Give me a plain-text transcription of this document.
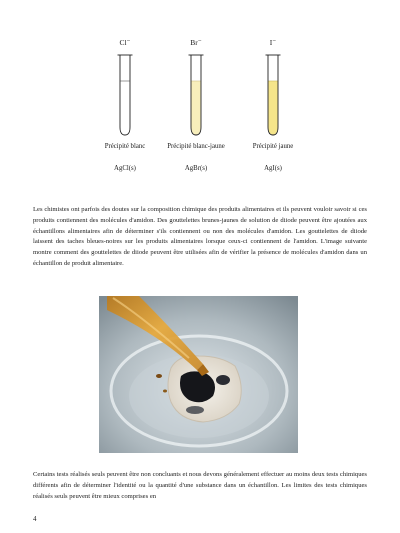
Cl⁻
Précipité blanc
AgCl(s)
Br⁻
Précipité blanc-jaune
AgBr(s)
I⁻
Précipité jaune
AgI(s)

Les chimistes ont parfois des doutes sur la composition chimique des produits alimentaires et ils peuvent vouloir savoir si ces produits contiennent des molécules d'amidon. Des gouttelettes brunes-jaunes de solution de diiode peuvent être ajoutées aux échantillons alimentaires afin de déterminer s'ils contiennent ou non des molécules d'amidon. Les gouttelettes de diiode laissent des taches bleues-noires sur les produits alimentaires lorsque ceux-ci contiennent de l'amidon. L'image suivante montre comment des gouttelettes de diiode peuvent être utilisées afin de vérifier la présence de molécules d'amidon dans un échantillon de produit alimentaire.

Certains tests réalisés seuls peuvent être non concluants et nous devons généralement effectuer au moins deux tests chimiques différents afin de déterminer l'identité ou la quantité d'une substance dans un échantillon. Les limites des tests chimiques réalisés seuls peuvent être mieux comprises en

4
